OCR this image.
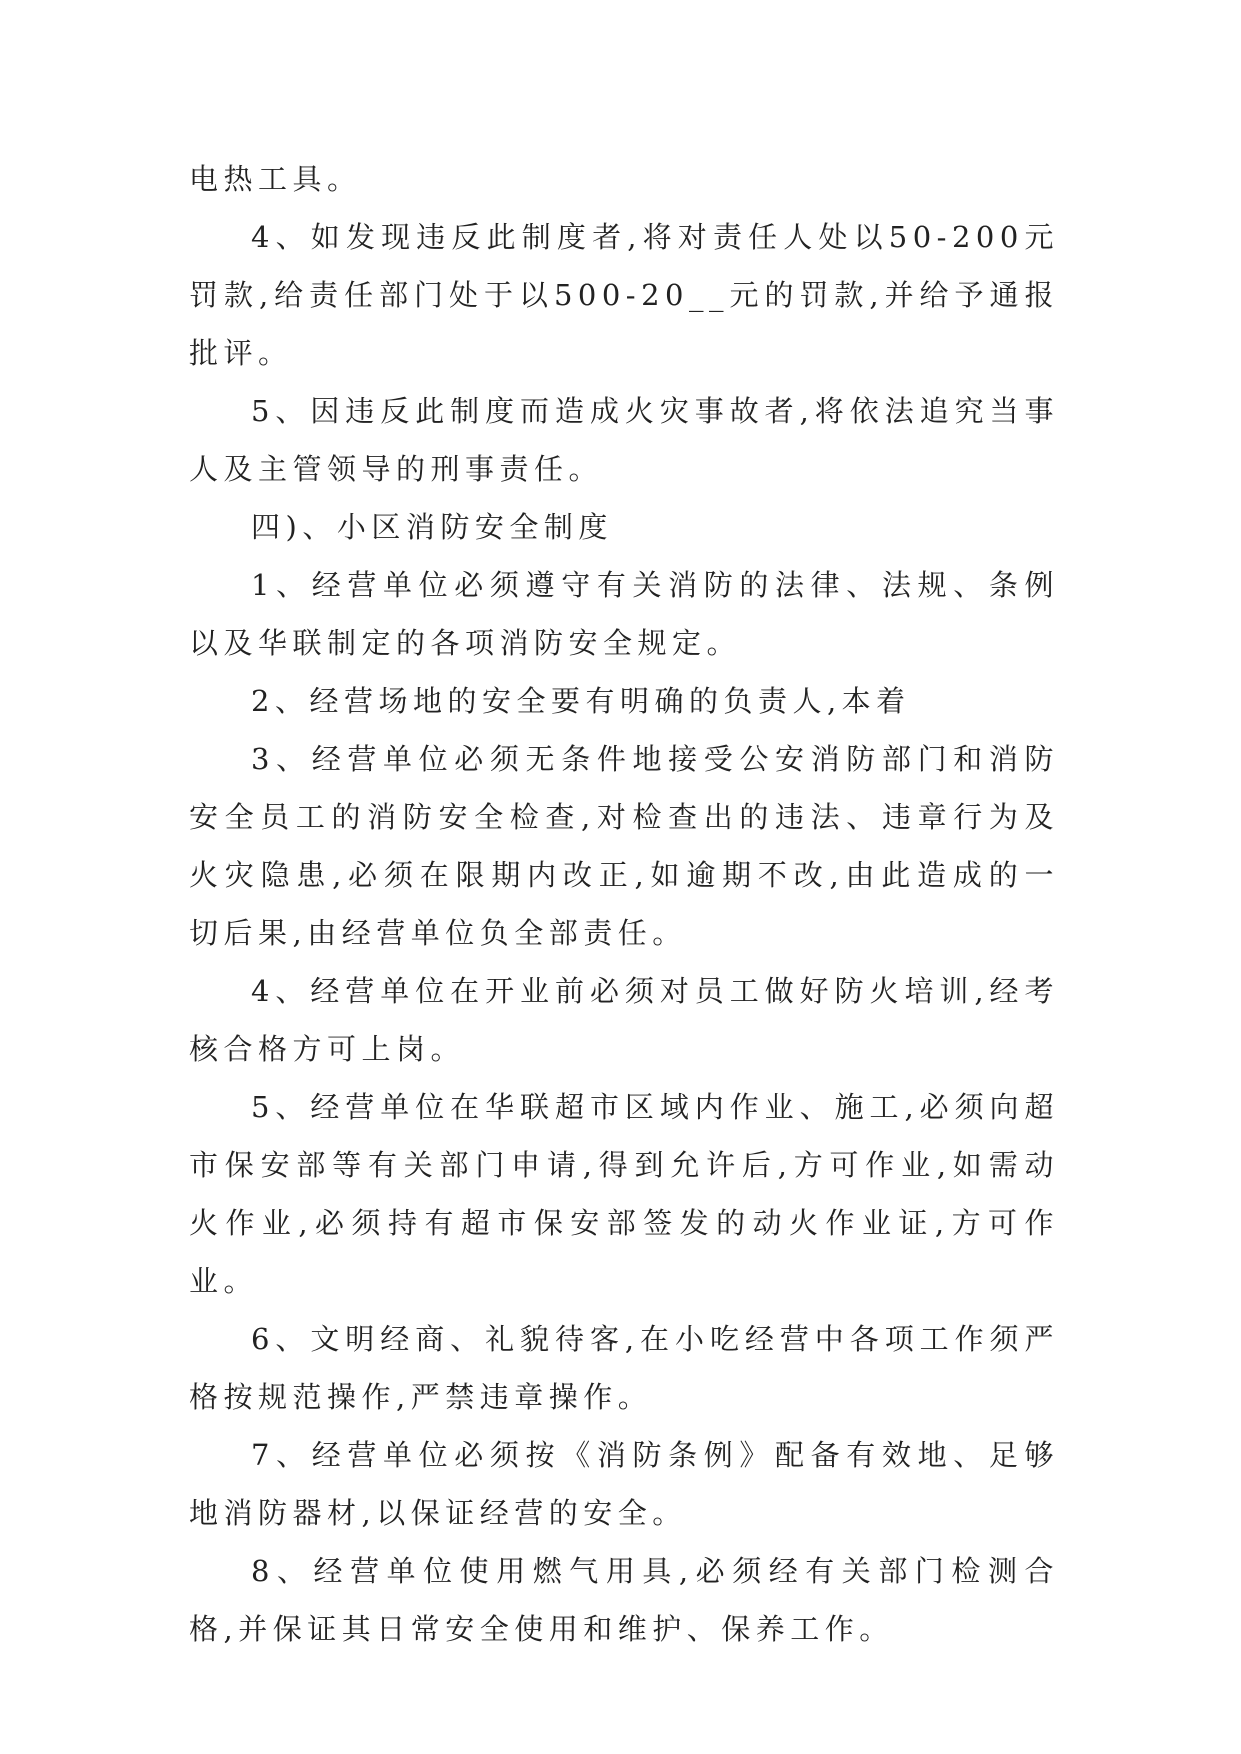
电热工具。

4、如发现违反此制度者,将对责任人处以50-200元罚款,给责任部门处于以500-20__元的罚款,并给予通报批评。

5、因违反此制度而造成火灾事故者,将依法追究当事人及主管领导的刑事责任。

四)、小区消防安全制度

1、经营单位必须遵守有关消防的法律、法规、条例以及华联制定的各项消防安全规定。

2、经营场地的安全要有明确的负责人,本着

3、经营单位必须无条件地接受公安消防部门和消防安全员工的消防安全检查,对检查出的违法、违章行为及火灾隐患,必须在限期内改正,如逾期不改,由此造成的一切后果,由经营单位负全部责任。

4、经营单位在开业前必须对员工做好防火培训,经考核合格方可上岗。

5、经营单位在华联超市区域内作业、施工,必须向超市保安部等有关部门申请,得到允许后,方可作业,如需动火作业,必须持有超市保安部签发的动火作业证,方可作业。

6、文明经商、礼貌待客,在小吃经营中各项工作须严格按规范操作,严禁违章操作。

7、经营单位必须按《消防条例》配备有效地、足够地消防器材,以保证经营的安全。

8、经营单位使用燃气用具,必须经有关部门检测合格,并保证其日常安全使用和维护、保养工作。
